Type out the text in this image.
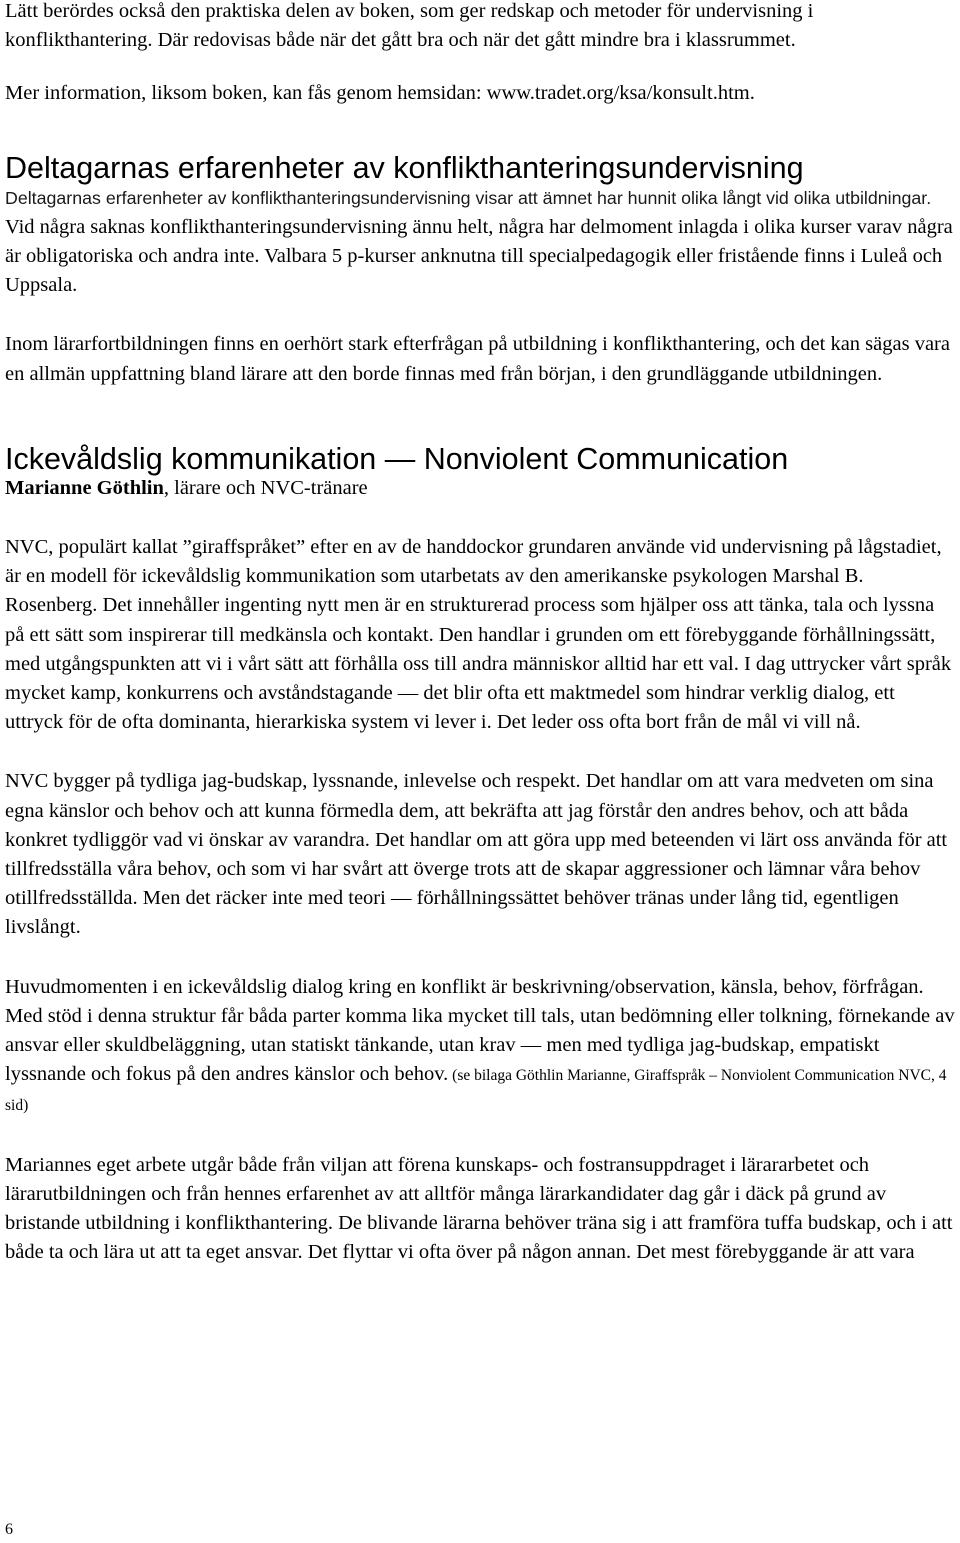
Lätt berördes också den praktiska delen av boken, som ger redskap och metoder för undervisning i konflikthantering. Där redovisas både när det gått bra och när det gått mindre bra i klassrummet.

Mer information, liksom boken, kan fås genom hemsidan: www.tradet.org/ksa/konsult.htm.

Deltagarnas erfarenheter av konflikthanteringsundervisning

Deltagarnas erfarenheter av konflikthanteringsundervisning visar att ämnet har hunnit olika långt vid olika utbildningar. Vid några saknas konflikthanteringsundervisning ännu helt, några har delmoment inlagda i olika kurser varav några är obligatoriska och andra inte. Valbara 5 p-kurser anknutna till specialpedagogik eller fristående finns i Luleå och Uppsala.

Inom lärarfortbildningen finns en oerhört stark efterfrågan på utbildning i konflikthantering, och det kan sägas vara en allmän uppfattning bland lärare att den borde finnas med från början, i den grundläggande utbildningen.

Ickevåldslig kommunikation — Nonviolent Communication

Marianne Göthlin, lärare och NVC-tränare

NVC, populärt kallat ”giraffspråket” efter en av de handdockor grundaren använde vid undervisning på lågstadiet, är en modell för ickevåldslig kommunikation som utarbetats av den amerikanske psykologen Marshal B. Rosenberg. Det innehåller ingenting nytt men är en strukturerad process som hjälper oss att tänka, tala och lyssna på ett sätt som inspirerar till medkänsla och kontakt. Den handlar i grunden om ett förebyggande förhållningssätt, med utgångspunkten att vi i vårt sätt att förhålla oss till andra människor alltid har ett val. I dag uttrycker vårt språk mycket kamp, konkurrens och avståndstagande — det blir ofta ett maktmedel som hindrar verklig dialog, ett uttryck för de ofta dominanta, hierarkiska system vi lever i. Det leder oss ofta bort från de mål vi vill nå.

NVC bygger på tydliga jag-budskap, lyssnande, inlevelse och respekt. Det handlar om att vara medveten om sina egna känslor och behov och att kunna förmedla dem, att bekräfta att jag förstår den andres behov, och att båda konkret tydliggör vad vi önskar av varandra. Det handlar om att göra upp med beteenden vi lärt oss använda för att tillfredsställa våra behov, och som vi har svårt att överge trots att de skapar aggressioner och lämnar våra behov otillfredsställda. Men det räcker inte med teori — förhållningssättet behöver tränas under lång tid, egentligen livslångt.

Huvudmomenten i en ickevåldslig dialog kring en konflikt är beskrivning/observation, känsla, behov, förfrågan. Med stöd i denna struktur får båda parter komma lika mycket till tals, utan bedömning eller tolkning, förnekande av ansvar eller skuldbeläggning, utan statiskt tänkande, utan krav — men med tydliga jag-budskap, empatiskt lyssnande och fokus på den andres känslor och behov. (se bilaga Göthlin Marianne, Giraffspråk – Nonviolent Communication NVC, 4 sid)

Mariannes eget arbete utgår både från viljan att förena kunskaps- och fostransuppdraget i lärararbetet och lärarutbildningen och från hennes erfarenhet av att alltför många lärarkandidater dag går i däck på grund av bristande utbildning i konflikthantering. De blivande lärarna behöver träna sig i att framföra tuffa budskap, och i att både ta och lära ut att ta eget ansvar. Det flyttar vi ofta över på någon annan. Det mest förebyggande är att vara

6
